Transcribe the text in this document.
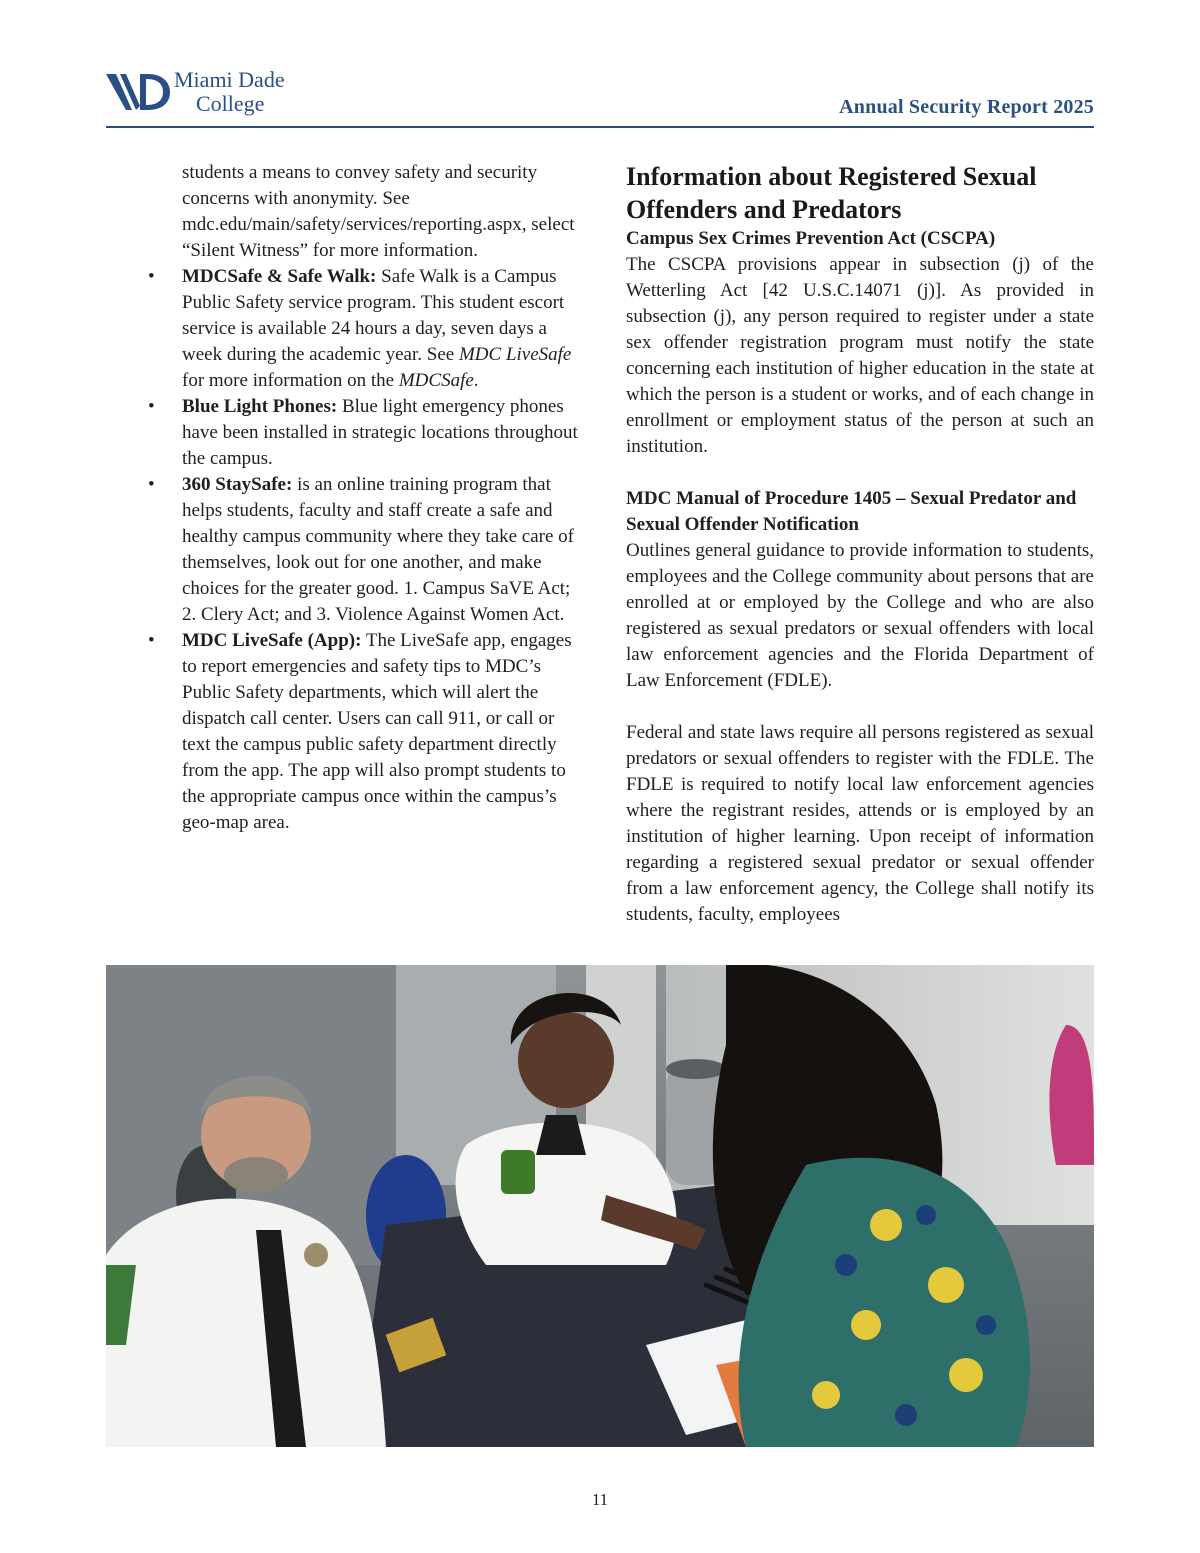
Miami Dade
College	Annual Security Report 2025

students a means to convey safety and security concerns with anonymity. See mdc.edu/main/safety/services/reporting.aspx, select “Silent Witness” for more information.

• MDCSafe & Safe Walk: Safe Walk is a Campus Public Safety service program. This student escort service is available 24 hours a day, seven days a week during the academic year. See MDC LiveSafe for more information on the MDCSafe.
• Blue Light Phones: Blue light emergency phones have been installed in strategic locations throughout the campus.
• 360 StaySafe: is an online training program that helps students, faculty and staff create a safe and healthy campus community where they take care of themselves, look out for one another, and make choices for the greater good. 1. Campus SaVE Act; 2. Clery Act; and 3. Violence Against Women Act.
• MDC LiveSafe (App): The LiveSafe app, engages to report emergencies and safety tips to MDC’s Public Safety departments, which will alert the dispatch call center. Users can call 911, or call or text the campus public safety department directly from the app. The app will also prompt students to the appropriate campus once within the campus’s geo-map area.
Information about Registered Sexual Offenders and Predators
Campus Sex Crimes Prevention Act (CSCPA)

The CSCPA provisions appear in subsection (j) of the Wetterling Act [42 U.S.C.14071 (j)]. As provided in subsection (j), any person required to register under a state sex offender registration program must notify the state concerning each institution of higher education in the state at which the person is a student or works, and of each change in enrollment or employment status of the person at such an institution.

MDC Manual of Procedure 1405 – Sexual Predator and Sexual Offender Notification

Outlines general guidance to provide information to students, employees and the College community about persons that are enrolled at or employed by the College and who are also registered as sexual predators or sexual offenders with local law enforcement agencies and the Florida Department of Law Enforcement (FDLE).

Federal and state laws require all persons registered as sexual predators or sexual offenders to register with the FDLE. The FDLE is required to notify local law enforcement agencies where the registrant resides, attends or is employed by an institution of higher learning. Upon receipt of information regarding a registered sexual predator or sexual offender from a law enforcement agency, the College shall notify its students, faculty, employees

11
